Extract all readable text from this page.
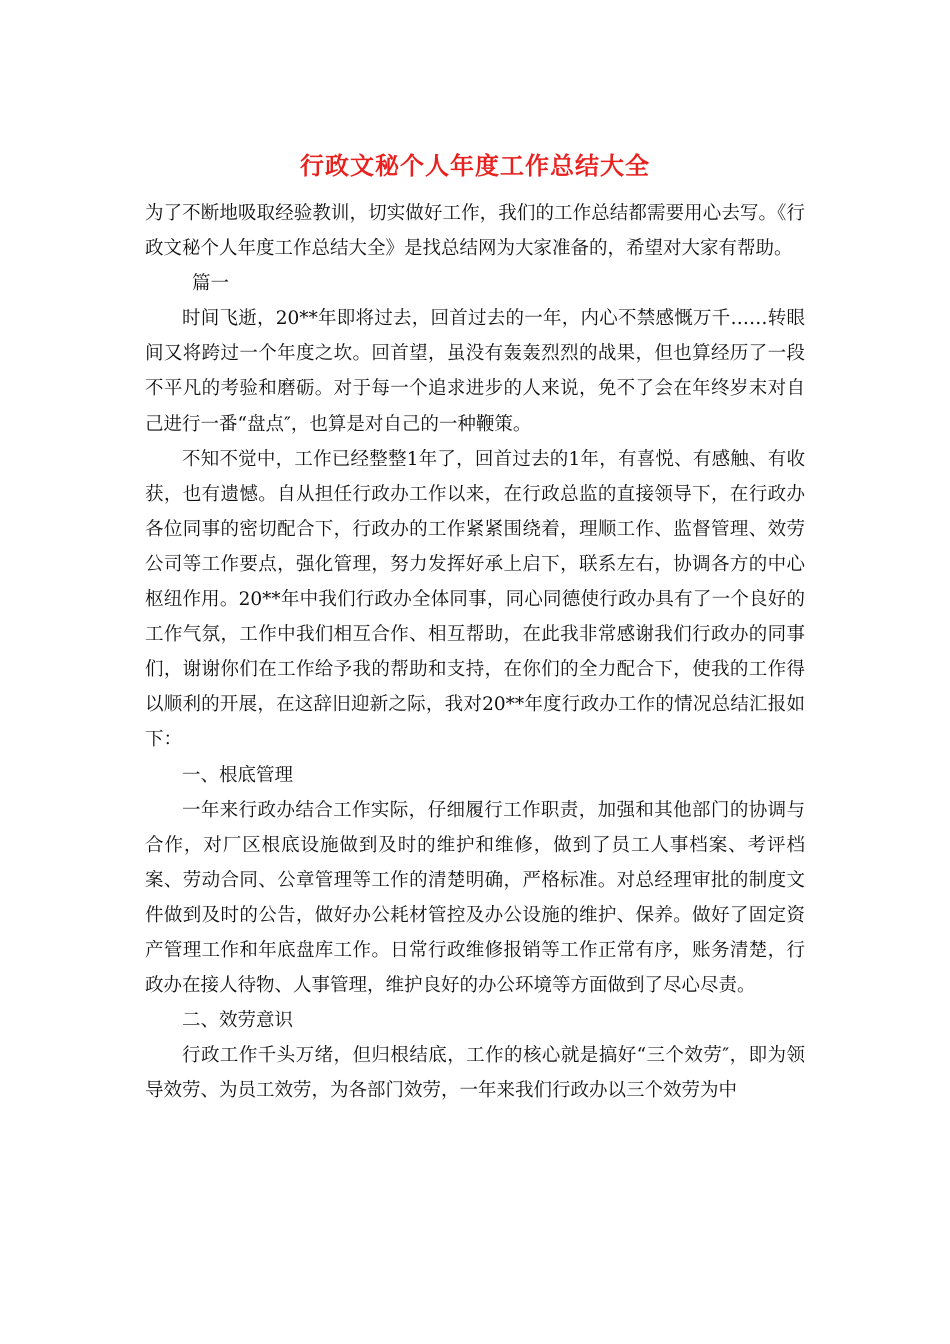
行政文秘个人年度工作总结大全

为了不断地吸取经验教训，切实做好工作，我们的工作总结都需要用心去写。《行政文秘个人年度工作总结大全》是找总结网为大家准备的，希望对大家有帮助。

篇一

时间飞逝，20**年即将过去，回首过去的一年，内心不禁感慨万千……转眼间又将跨过一个年度之坎。回首望，虽没有轰轰烈烈的战果，但也算经历了一段不平凡的考验和磨砺。对于每一个追求进步的人来说，免不了会在年终岁末对自己进行一番“盘点″，也算是对自己的一种鞭策。

不知不觉中，工作已经整整1年了，回首过去的1年，有喜悦、有感触、有收获，也有遗憾。自从担任行政办工作以来，在行政总监的直接领导下，在行政办各位同事的密切配合下，行政办的工作紧紧围绕着，理顺工作、监督管理、效劳公司等工作要点，强化管理，努力发挥好承上启下，联系左右，协调各方的中心枢纽作用。20**年中我们行政办全体同事，同心同德使行政办具有了一个良好的工作气氛，工作中我们相互合作、相互帮助，在此我非常感谢我们行政办的同事们，谢谢你们在工作给予我的帮助和支持，在你们的全力配合下，使我的工作得以顺利的开展，在这辞旧迎新之际，我对20**年度行政办工作的情况总结汇报如下：

一、根底管理

一年来行政办结合工作实际，仔细履行工作职责，加强和其他部门的协调与合作，对厂区根底设施做到及时的维护和维修，做到了员工人事档案、考评档案、劳动合同、公章管理等工作的清楚明确，严格标准。对总经理审批的制度文件做到及时的公告，做好办公耗材管控及办公设施的维护、保养。做好了固定资产管理工作和年底盘库工作。日常行政维修报销等工作正常有序，账务清楚，行政办在接人待物、人事管理，维护良好的办公环境等方面做到了尽心尽责。

二、效劳意识

行政工作千头万绪，但归根结底，工作的核心就是搞好“三个效劳″，即为领导效劳、为员工效劳，为各部门效劳，一年来我们行政办以三个效劳为中
